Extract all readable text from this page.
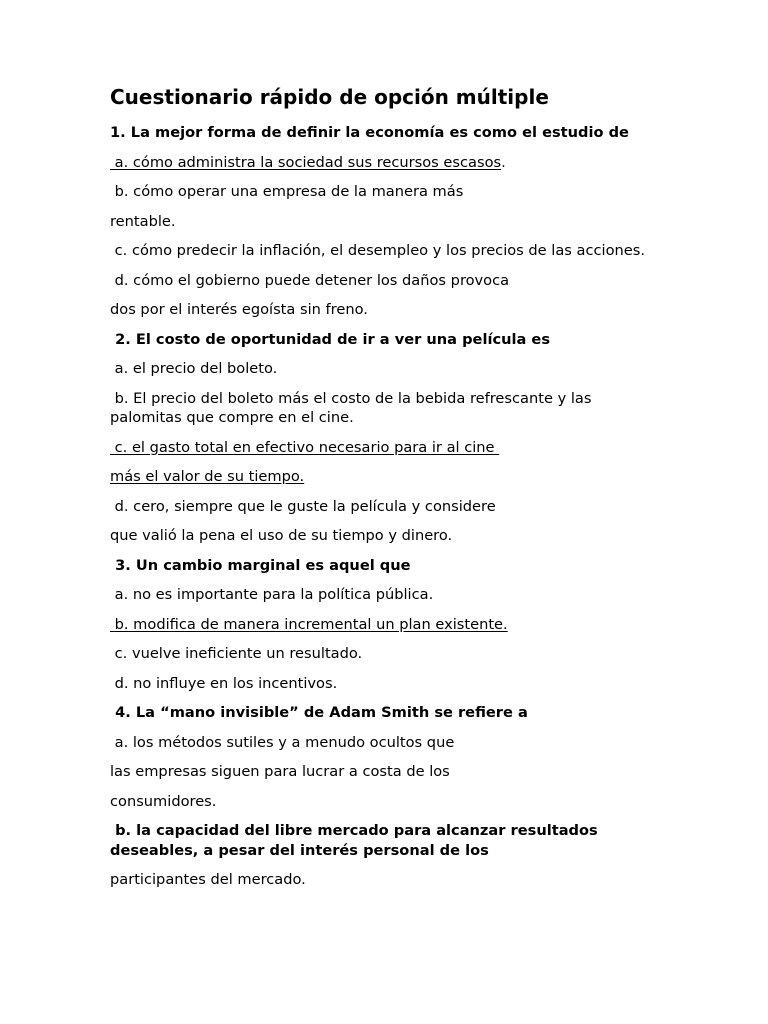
Cuestionario rápido de opción múltiple
1. La mejor forma de definir la economía es como el estudio de
a. cómo administra la sociedad sus recursos escasos.
b. cómo operar una empresa de la manera más
rentable.
c. cómo predecir la inflación, el desempleo y los precios de las acciones.
d. cómo el gobierno puede detener los daños provoca
dos por el interés egoísta sin freno.
2. El costo de oportunidad de ir a ver una película es
a. el precio del boleto.
b. El precio del boleto más el costo de la bebida refrescante y las palomitas que compre en el cine.
c. el gasto total en efectivo necesario para ir al cine
más el valor de su tiempo.
d. cero, siempre que le guste la película y considere
que valió la pena el uso de su tiempo y dinero.
3. Un cambio marginal es aquel que
a. no es importante para la política pública.
b. modifica de manera incremental un plan existente.
c. vuelve ineficiente un resultado.
d. no influye en los incentivos.
4. La “mano invisible” de Adam Smith se refiere a
a. los métodos sutiles y a menudo ocultos que
las empresas siguen para lucrar a costa de los
consumidores.
b. la capacidad del libre mercado para alcanzar resultados deseables, a pesar del interés personal de los
participantes del mercado.
